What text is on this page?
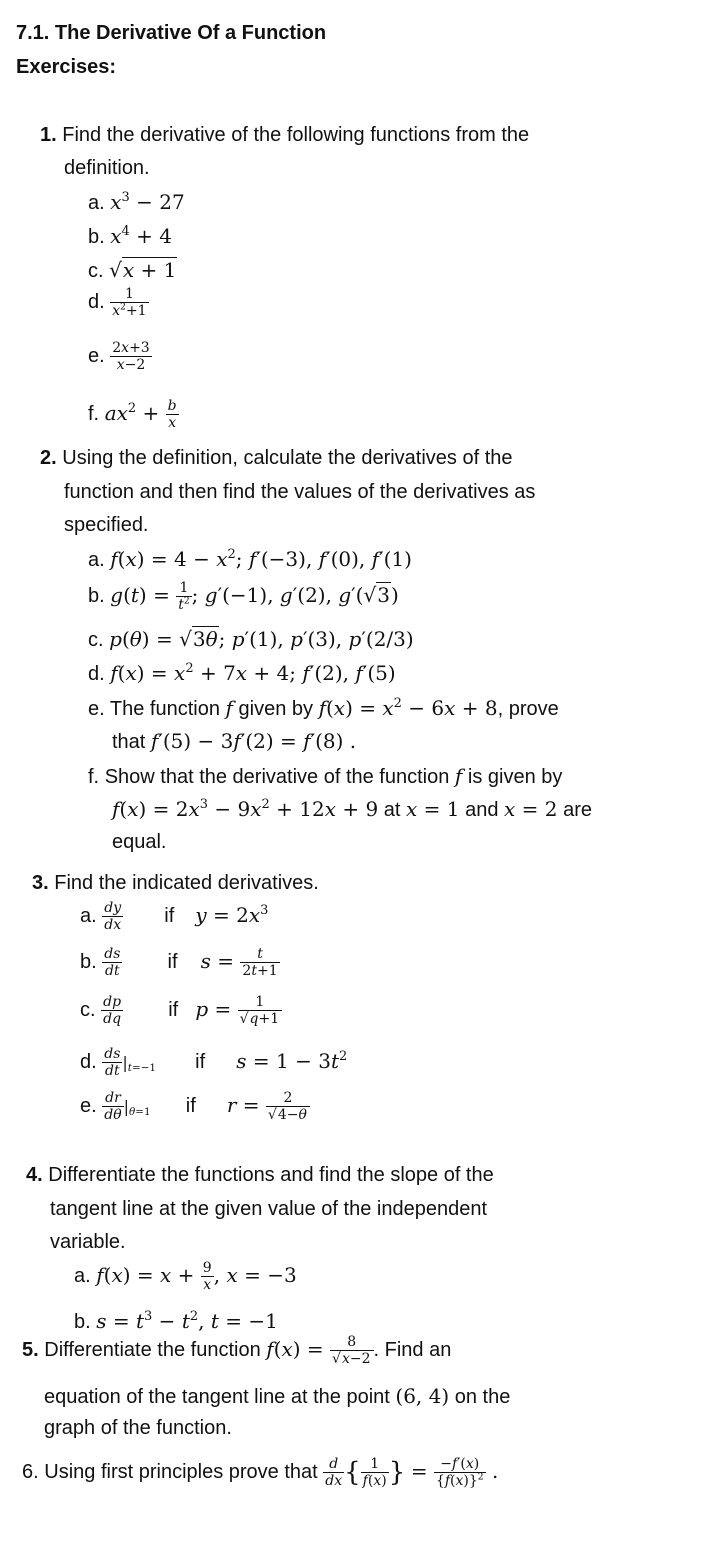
7.1. The Derivative Of a Function
Exercises:
1. Find the derivative of the following functions from the
definition.
a. $x^3 - 27$
b. $x^4 + 4$
c. √x + 1
d. $\frac{1}{x^2+1}$
e. $\frac{2x+3}{x-2}$
f. $ax^2 + \frac{b}{x}$
2. Using the definition, calculate the derivatives of the
function and then find the values of the derivatives as
specified.
a. $f(x) = 4 - x^2$; f′(−3), f′(0), f′(1)
b. $g(t) = \frac{1}{t^2}$ ; g′(−1), g′(2), g′(√3)
c. p(θ) = √3θ; p′(1), p′(3), p′(2/3)
d. $f(x) = x^2 + 7x + 4$; f′(2), f′(5)
e. The function f given by $f(x) = x^2 - 6x + 8$, prove
that f′(5) − 3f′(2) = f′(8) .
f. Show that the derivative of the function f is given by
$f(x) = 2x^3 - 9x^2 + 12x + 9$ at x = 1 and x = 2 are
equal.
3. Find the indicated derivatives.
a. $\frac{dy}{dx}$ if $y = 2x^3$
b. $\frac{ds}{dt}$ if $s = \frac{t}{2t+1}$
c. $\frac{dp}{dq}$ if $p = \frac{1}{√q+1}$
d. $\frac{ds}{dt} |_{t=-1}$ if $s = 1 - 3t^2$
e. $\frac{dr}{d\theta} |_{\theta=1}$ if $r = \frac{2}{√4-\theta}$
4. Differentiate the functions and find the slope of the
tangent line at the given value of the independent
variable.
a. $f(x) = x + \frac{9}{x}$ , x = −3
b. $s = t^3 - t^2$, t = −1
5. Differentiate the function $f(x) = \frac{8}{√x-2}$ . Find an
equation of the tangent line at the point (6, 4) on the
graph of the function.
6. Using first principles prove that $\frac{d}{dx}$ { $\frac{1}{f(x)}$ } = $\frac{-f'(x)}{\{f(x)\}^2}$ .
